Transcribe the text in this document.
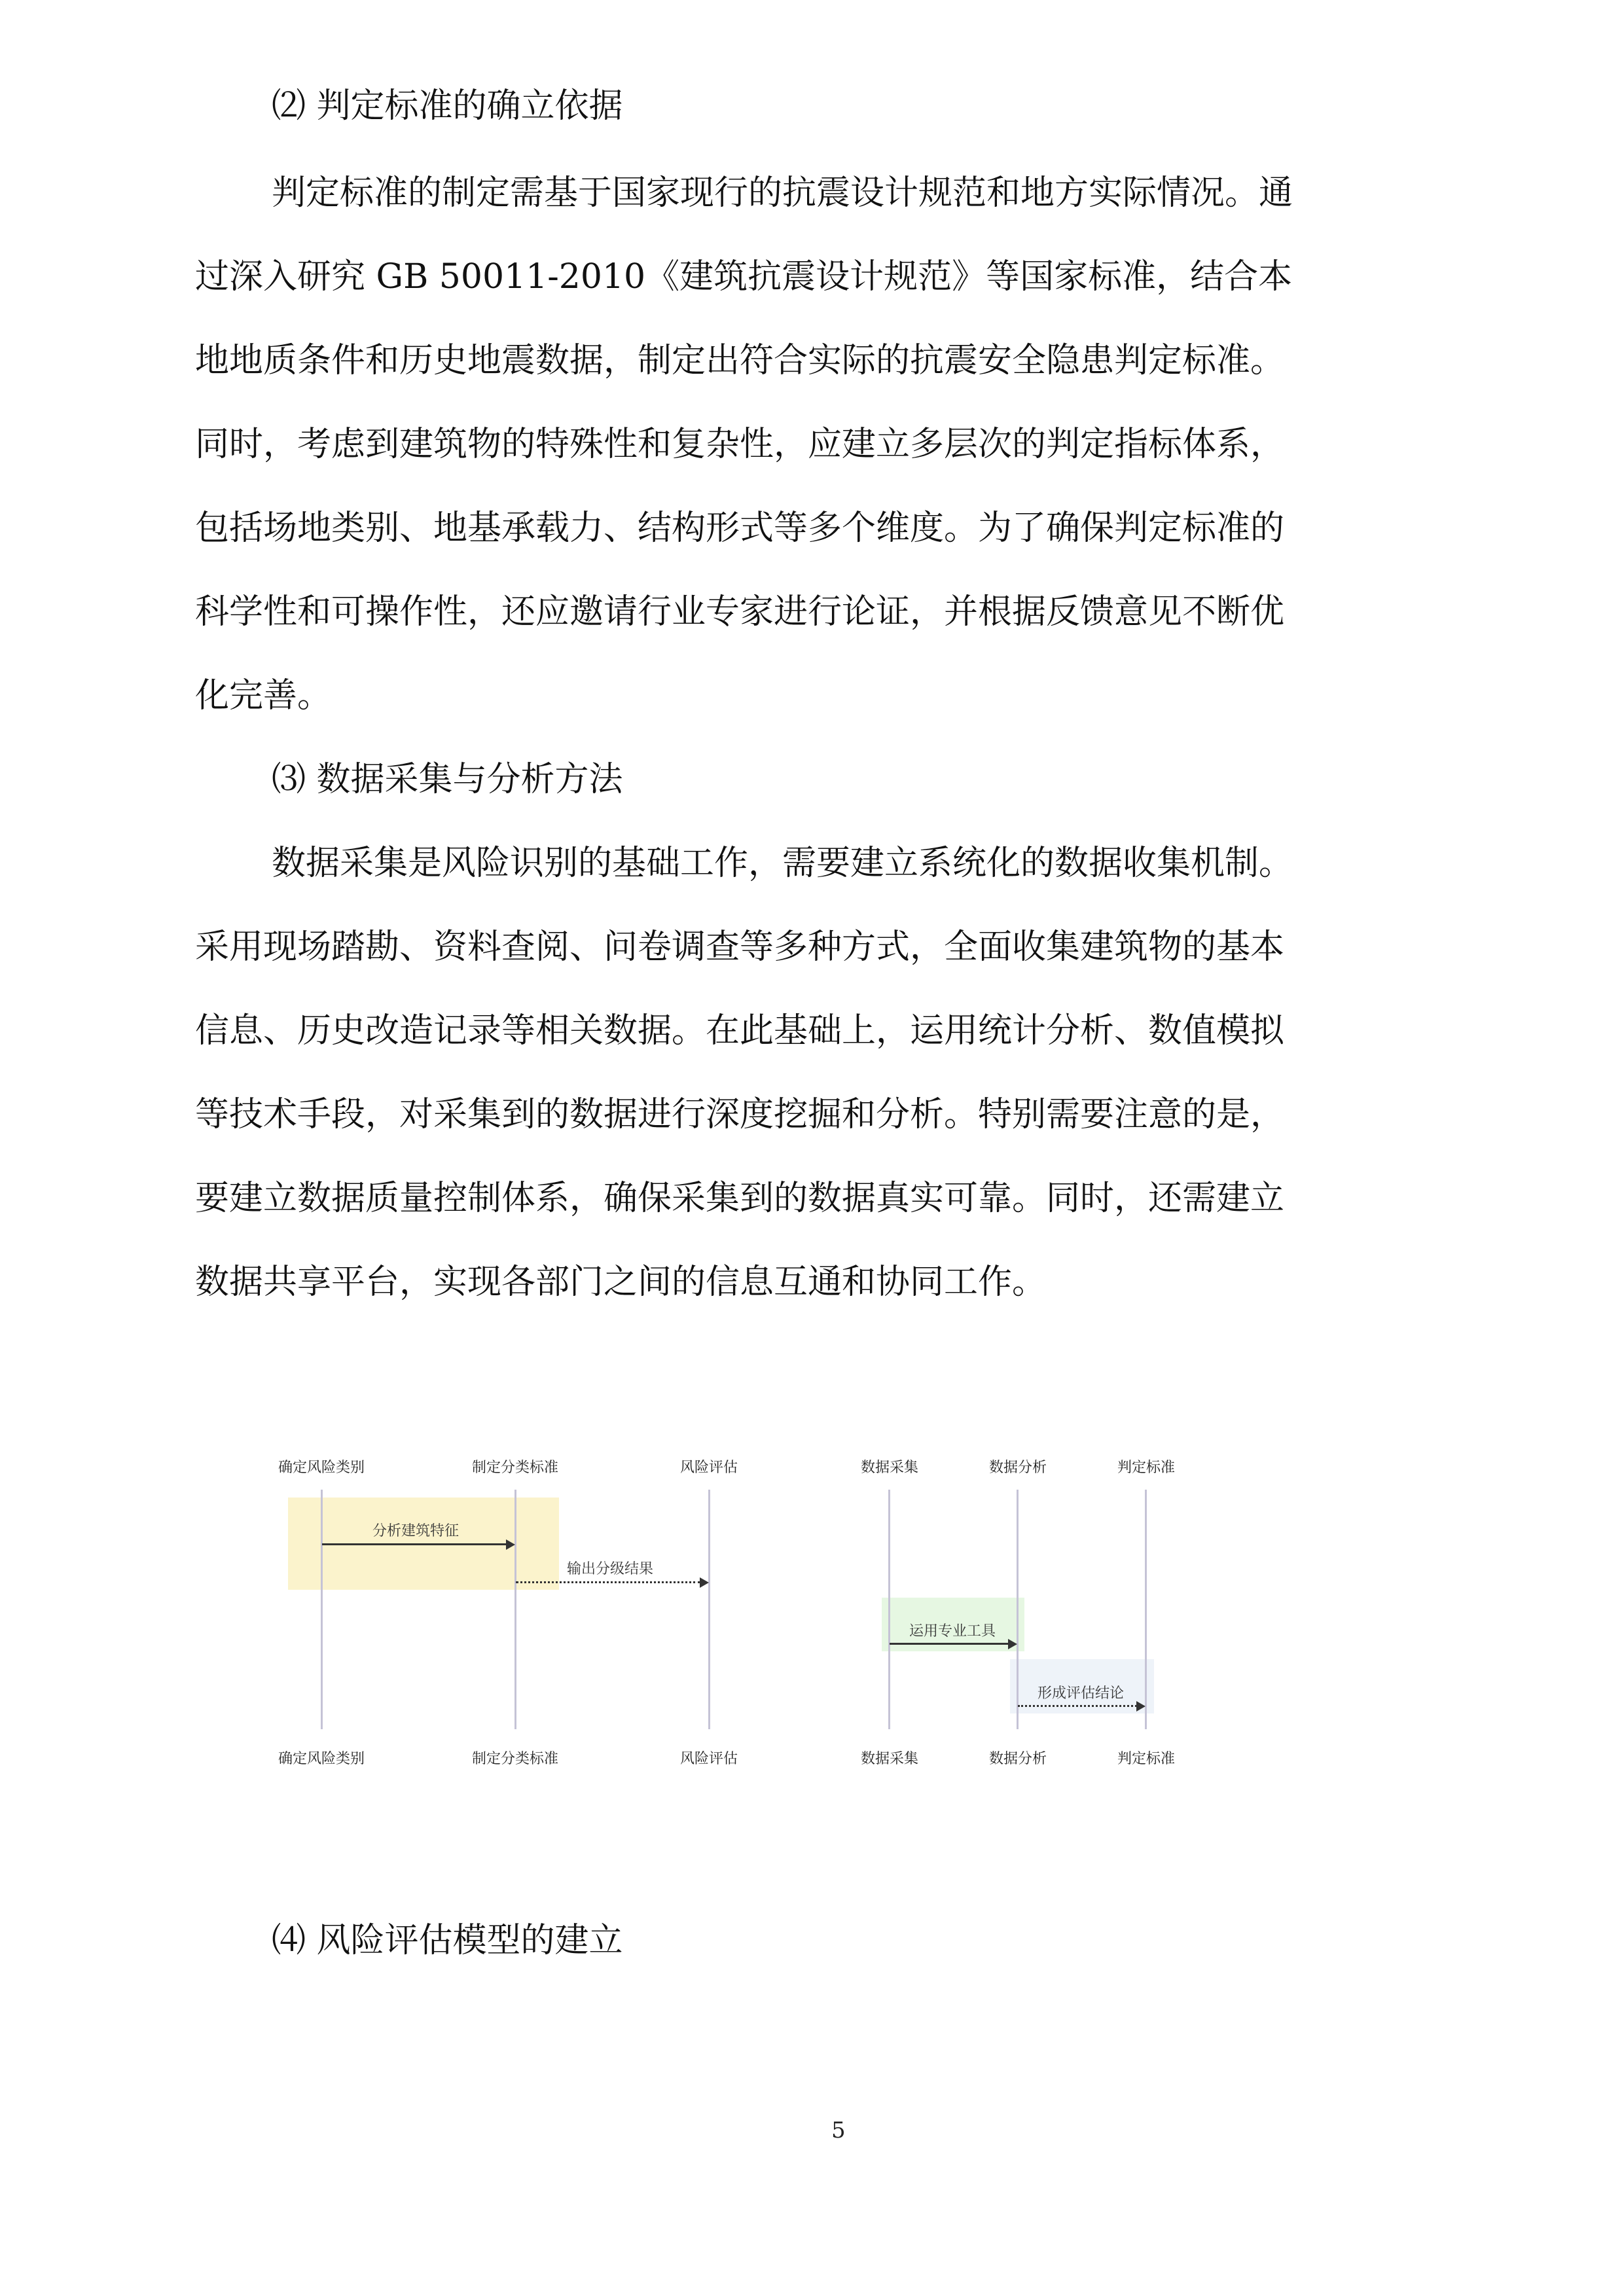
⑵ 判定标准的确立依据
判定标准的制定需基于国家现行的抗震设计规范和地方实际情况。通
过深入研究 GB 50011-2010《建筑抗震设计规范》等国家标准，结合本
地地质条件和历史地震数据，制定出符合实际的抗震安全隐患判定标准。
同时，考虑到建筑物的特殊性和复杂性，应建立多层次的判定指标体系，
包括场地类别、地基承载力、结构形式等多个维度。为了确保判定标准的
科学性和可操作性，还应邀请行业专家进行论证，并根据反馈意见不断优
化完善。
⑶ 数据采集与分析方法
数据采集是风险识别的基础工作，需要建立系统化的数据收集机制。
采用现场踏勘、资料查阅、问卷调查等多种方式，全面收集建筑物的基本
信息、历史改造记录等相关数据。在此基础上，运用统计分析、数值模拟
等技术手段，对采集到的数据进行深度挖掘和分析。特别需要注意的是，
要建立数据质量控制体系，确保采集到的数据真实可靠。同时，还需建立
数据共享平台，实现各部门之间的信息互通和协同工作。
确定风险类别	制定分类标准	风险评估
分析建筑特征
输出分级结果
确定风险类别	制定分类标准	风险评估
数据采集	数据分析	判定标准
运用专业工具
形成评估结论
数据采集	数据分析	判定标准
⑷ 风险评估模型的建立
5
